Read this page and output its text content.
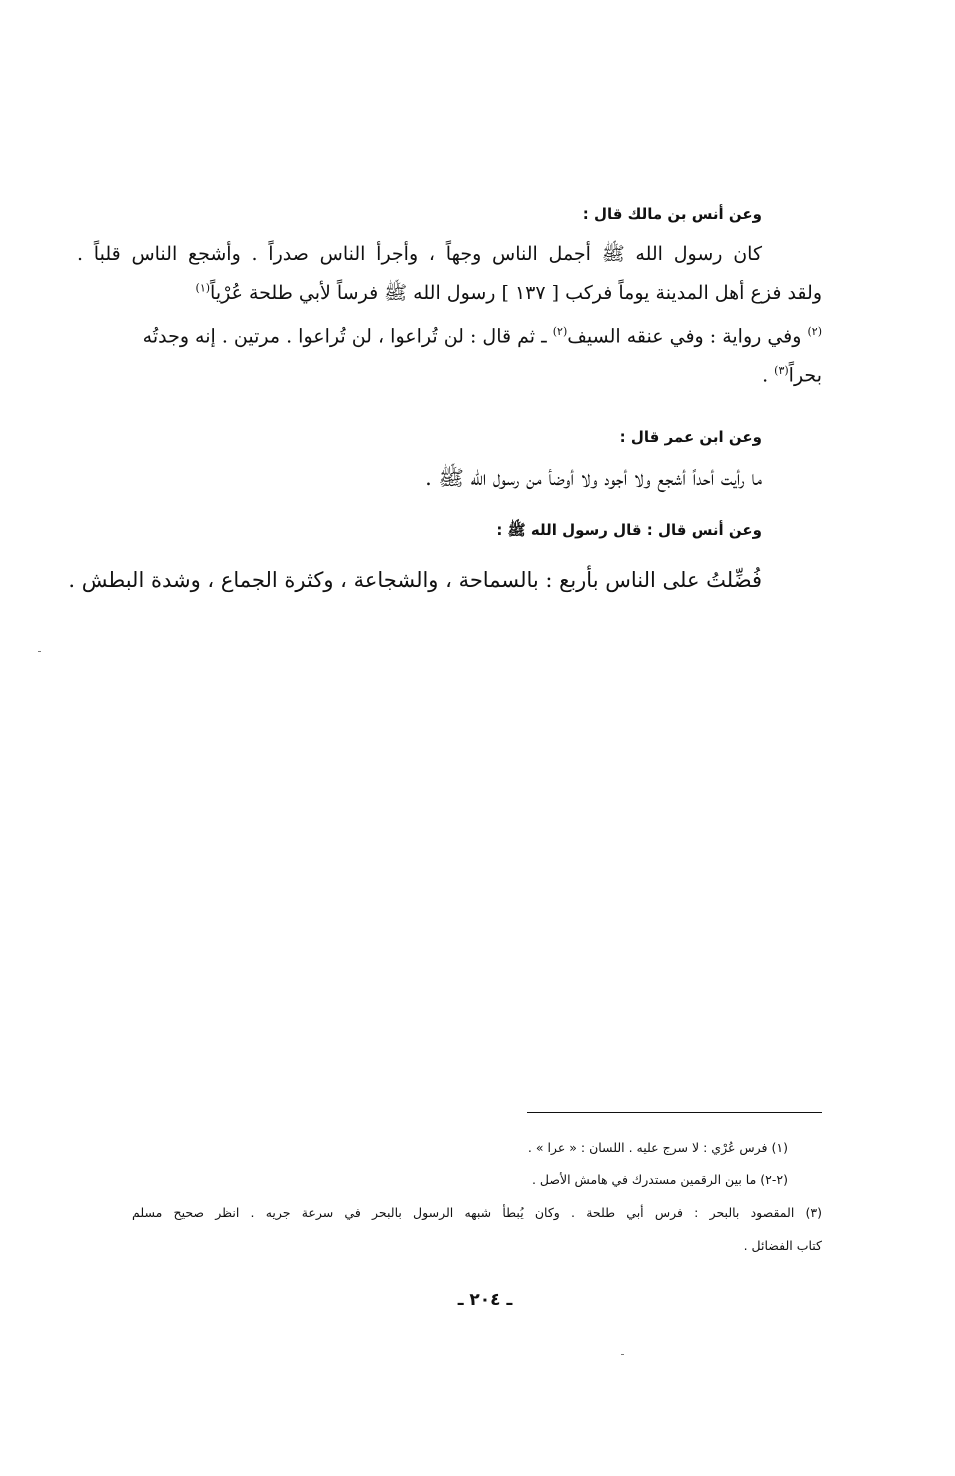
وعن أنس بن مالك قال :
كان رسول الله ﷺ أجمل الناس وجهاً ، وأجرأ الناس صدراً . وأشجع الناس قلباً .
ولقد فزع أهل المدينة يوماً فركب [ ١٣٧ ] رسول الله ﷺ فرساً لأبي طلحة عُرْياً$^{(١)}$
$^{(٢)}$ وفي رواية : وفي عنقه السيف$^{(٢)}$ ـ ثم قال : لن تُراعوا ، لن تُراعوا . مرتين . إنه وجدتُه
بحراً$^{(٣)}$ .
وعن ابن عمر قال :
ما رأيت أحداً أشجع ولا أجود ولا أوضأ من رسول الله ﷺ .
وعن أنس قال : قال رسول الله ﷺ :
فُضِّلتُ على الناس بأربع : بالسماحة ، والشجاعة ، وكثرة الجماع ، وشدة البطش .
(١) فرس عُرْي : لا سرج عليه . اللسان : « عرا » .
(٢-٢) ما بين الرقمين مستدرك في هامش الأصل .
(٣) المقصود بالبحر : فرس أبي طلحة . وكان يُبطأ شبهه الرسول بالبحر في سرعة جريه . انظر صحيح مسلم
كتاب الفضائل .
ـ ٢٠٤ ـ
